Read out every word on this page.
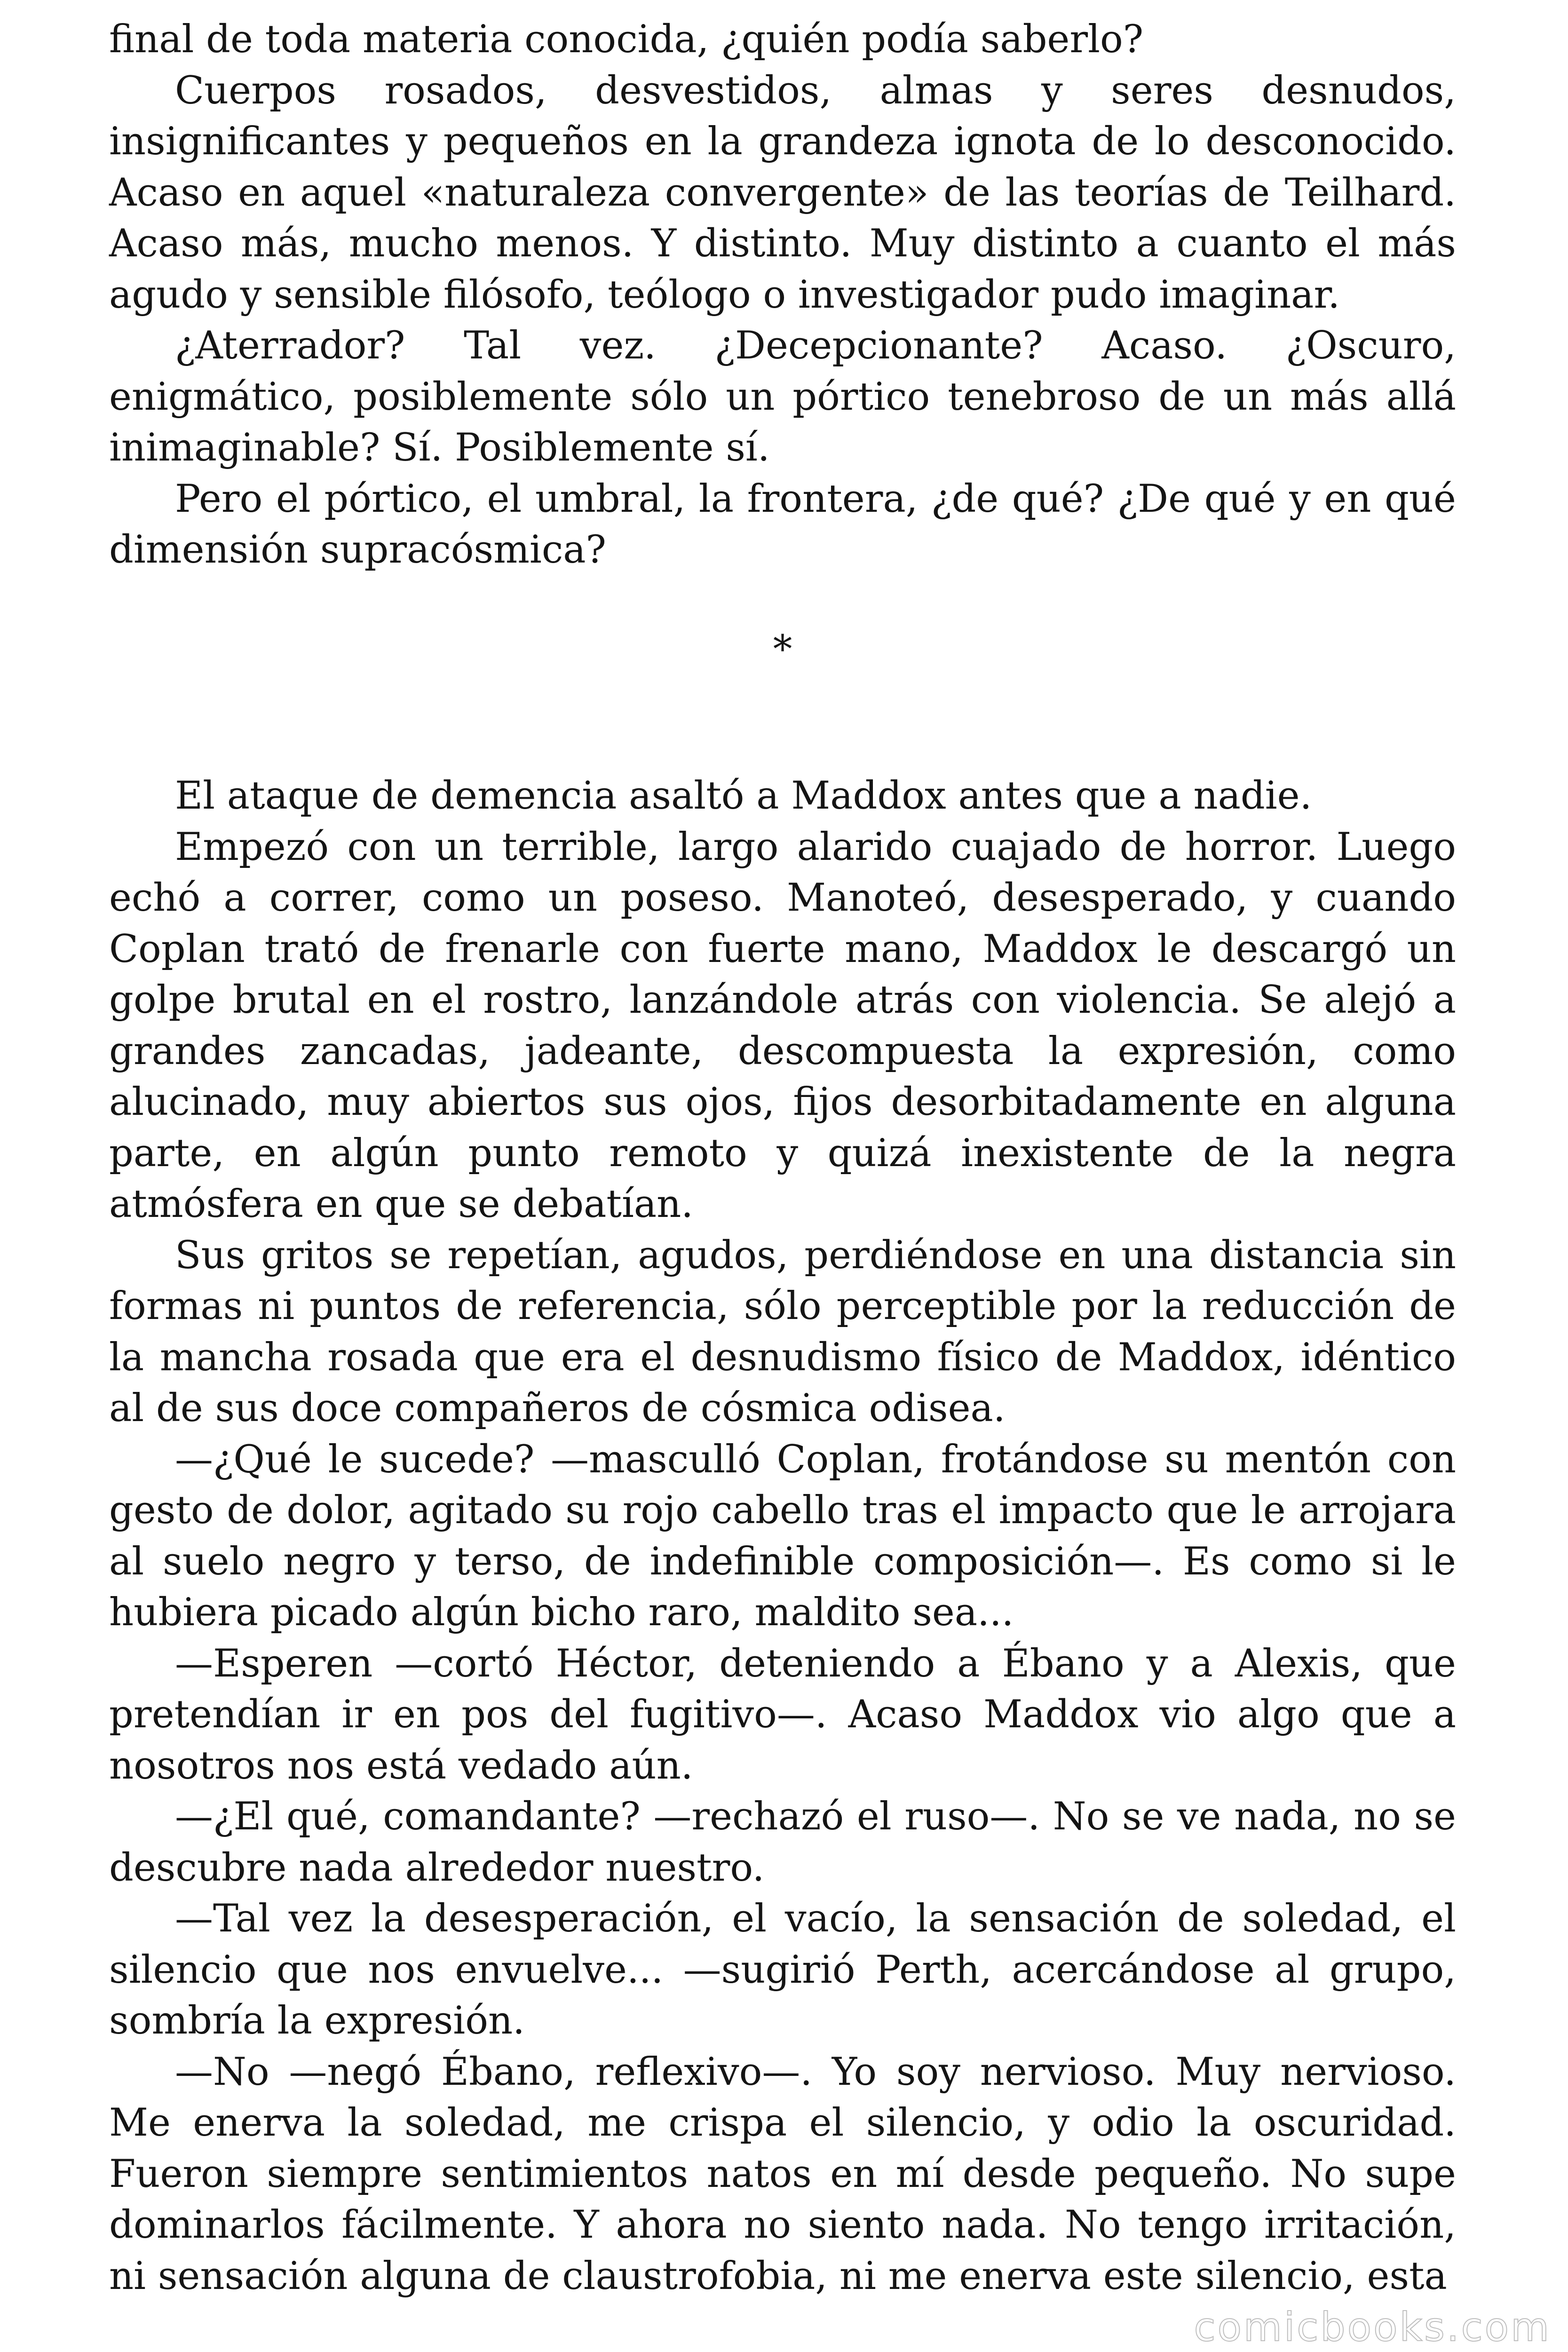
final de toda materia conocida, ¿quién podía saberlo?

Cuerpos rosados, desvestidos, almas y seres desnudos, insignificantes y pequeños en la grandeza ignota de lo desconocido. Acaso en aquel «naturaleza convergente» de las teorías de Teilhard. Acaso más, mucho menos. Y distinto. Muy distinto a cuanto el más agudo y sensible filósofo, teólogo o investigador pudo imaginar.

¿Aterrador? Tal vez. ¿Decepcionante? Acaso. ¿Oscuro, enigmático, posiblemente sólo un pórtico tenebroso de un más allá inimaginable? Sí. Posiblemente sí.

Pero el pórtico, el umbral, la frontera, ¿de qué? ¿De qué y en qué dimensión supracósmica?

*

El ataque de demencia asaltó a Maddox antes que a nadie.

Empezó con un terrible, largo alarido cuajado de horror. Luego echó a correr, como un poseso. Manoteó, desesperado, y cuando Coplan trató de frenarle con fuerte mano, Maddox le descargó un golpe brutal en el rostro, lanzándole atrás con violencia. Se alejó a grandes zancadas, jadeante, descompuesta la expresión, como alucinado, muy abiertos sus ojos, fijos desorbitadamente en alguna parte, en algún punto remoto y quizá inexistente de la negra atmósfera en que se debatían.

Sus gritos se repetían, agudos, perdiéndose en una distancia sin formas ni puntos de referencia, sólo perceptible por la reducción de la mancha rosada que era el desnudismo físico de Maddox, idéntico al de sus doce compañeros de cósmica odisea.

—¿Qué le sucede? —masculló Coplan, frotándose su mentón con gesto de dolor, agitado su rojo cabello tras el impacto que le arrojara al suelo negro y terso, de indefinible composición—. Es como si le hubiera picado algún bicho raro, maldito sea...

—Esperen —cortó Héctor, deteniendo a Ébano y a Alexis, que pretendían ir en pos del fugitivo—. Acaso Maddox vio algo que a nosotros nos está vedado aún.

—¿El qué, comandante? —rechazó el ruso—. No se ve nada, no se descubre nada alrededor nuestro.

—Tal vez la desesperación, el vacío, la sensación de soledad, el silencio que nos envuelve... —sugirió Perth, acercándose al grupo, sombría la expresión.

—No —negó Ébano, reflexivo—. Yo soy nervioso. Muy nervioso. Me enerva la soledad, me crispa el silencio, y odio la oscuridad. Fueron siempre sentimientos natos en mí desde pequeño. No supe dominarlos fácilmente. Y ahora no siento nada. No tengo irritación, ni sensación alguna de claustrofobia, ni me enerva este silencio, esta

comicbooks.com
